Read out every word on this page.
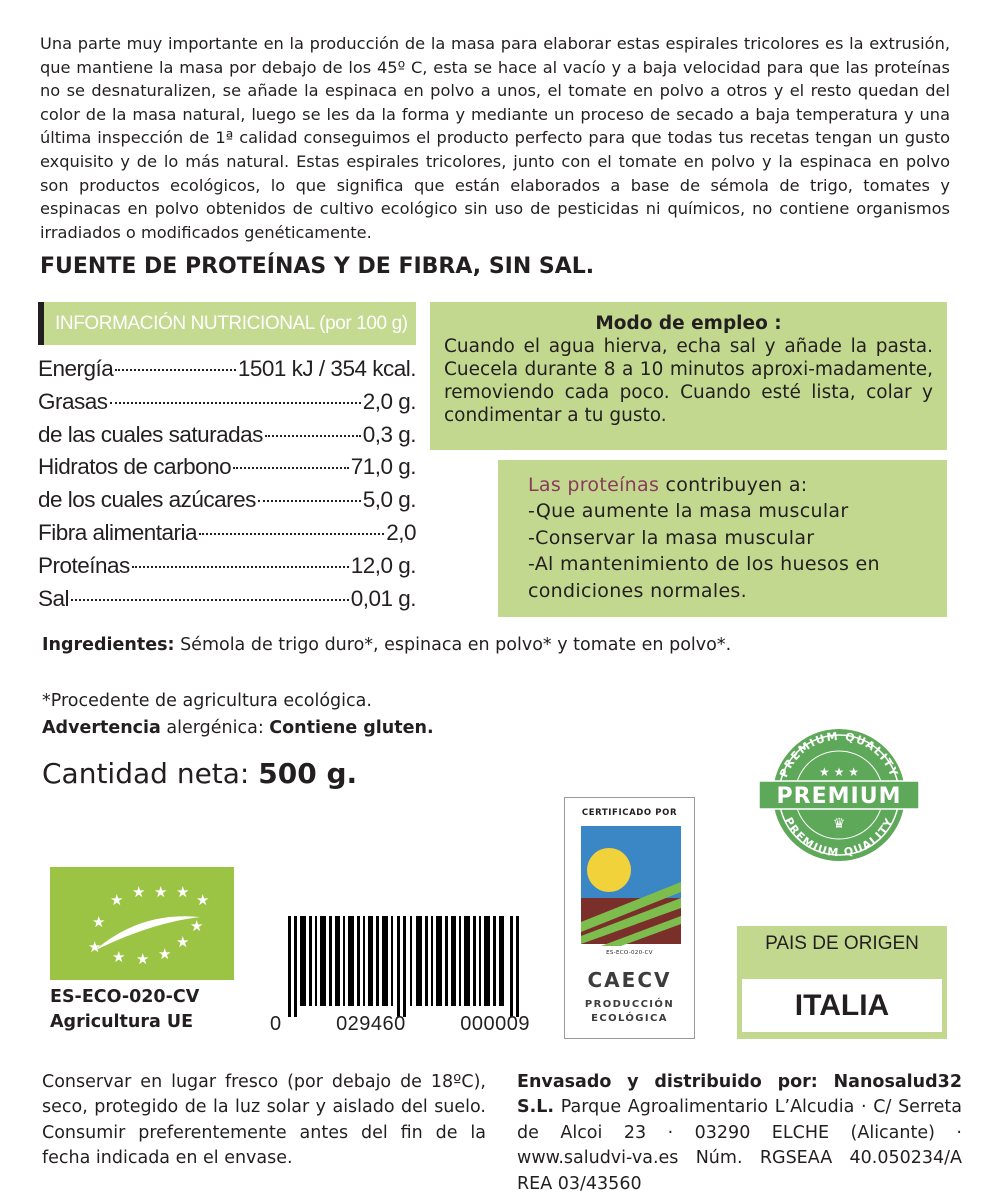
Una parte muy importante en la producción de la masa para elaborar estas espirales tricolores es la extrusión, que mantiene la masa por debajo de los 45º C, esta se hace al vacío y a baja velocidad para que las proteínas no se desnaturalizen, se añade la espinaca en polvo a unos, el tomate en polvo a otros y el resto quedan del color de la masa natural, luego se les da la forma y mediante un proceso de secado a baja temperatura y una última inspección de 1ª calidad conseguimos el producto perfecto para que todas tus recetas tengan un gusto exquisito y de lo más natural. Estas espirales tricolores, junto con el tomate en polvo y la espinaca en polvo son productos ecológicos, lo que significa que están elaborados a base de sémola de trigo, tomates y espinacas en polvo obtenidos de cultivo ecológico sin uso de pesticidas ni químicos, no contiene organismos irradiados o modificados genéticamente.

FUENTE DE PROTEÍNAS Y DE FIBRA, SIN SAL.
INFORMACIÓN NUTRICIONAL (por 100 g)
Energía	1501 kJ / 354 kcal.
Grasas	2,0 g.
de las cuales saturadas	0,3 g.
Hidratos de carbono	71,0 g.
de los cuales azúcares	5,0 g.
Fibra alimentaria	2,0
Proteínas	12,0 g.
Sal	0,01 g.
Modo de empleo :
Cuando el agua hierva, echa sal y añade la pasta. Cuecela durante 8 a 10 minutos aproxi-madamente, removiendo cada poco. Cuando esté lista, colar y condimentar a tu gusto.
Las proteínas contribuyen a:
-Que aumente la masa muscular
-Conservar la masa muscular
-Al mantenimiento de los huesos en condiciones normales.
Ingredientes: Sémola de trigo duro*, espinaca en polvo* y tomate en polvo*.
*Procedente de agricultura ecológica.
Advertencia alergénica: Contiene gluten.
Cantidad neta: 500 g.	PREMIUM QUALITY
PREMIUM QUALITY
PREMIUM
★ ★ ★
♛
★ ★ ★ ★ ★
★
★
★ ★ ★
★
★
ES-ECO-020-CV
Agricultura UE	0	029460	000009
CERTIFICADO POR
ES-ECO-020-CV
CAECV
PRODUCCIÓN
ECOLÓGICA
PAIS DE ORIGEN
ITALIA

Conservar en lugar fresco (por debajo de 18ºC), seco, protegido de la luz solar y aislado del suelo. Consumir preferentemente antes del fin de la fecha indicada en el envase.

Envasado y distribuido por: Nanosalud32 S.L. Parque Agroalimentario L’Alcudia · C/ Serreta de Alcoi 23 · 03290 ELCHE (Alicante) · www.saludvi-va.es Núm. RGSEAA 40.050234/A REA 03/43560
